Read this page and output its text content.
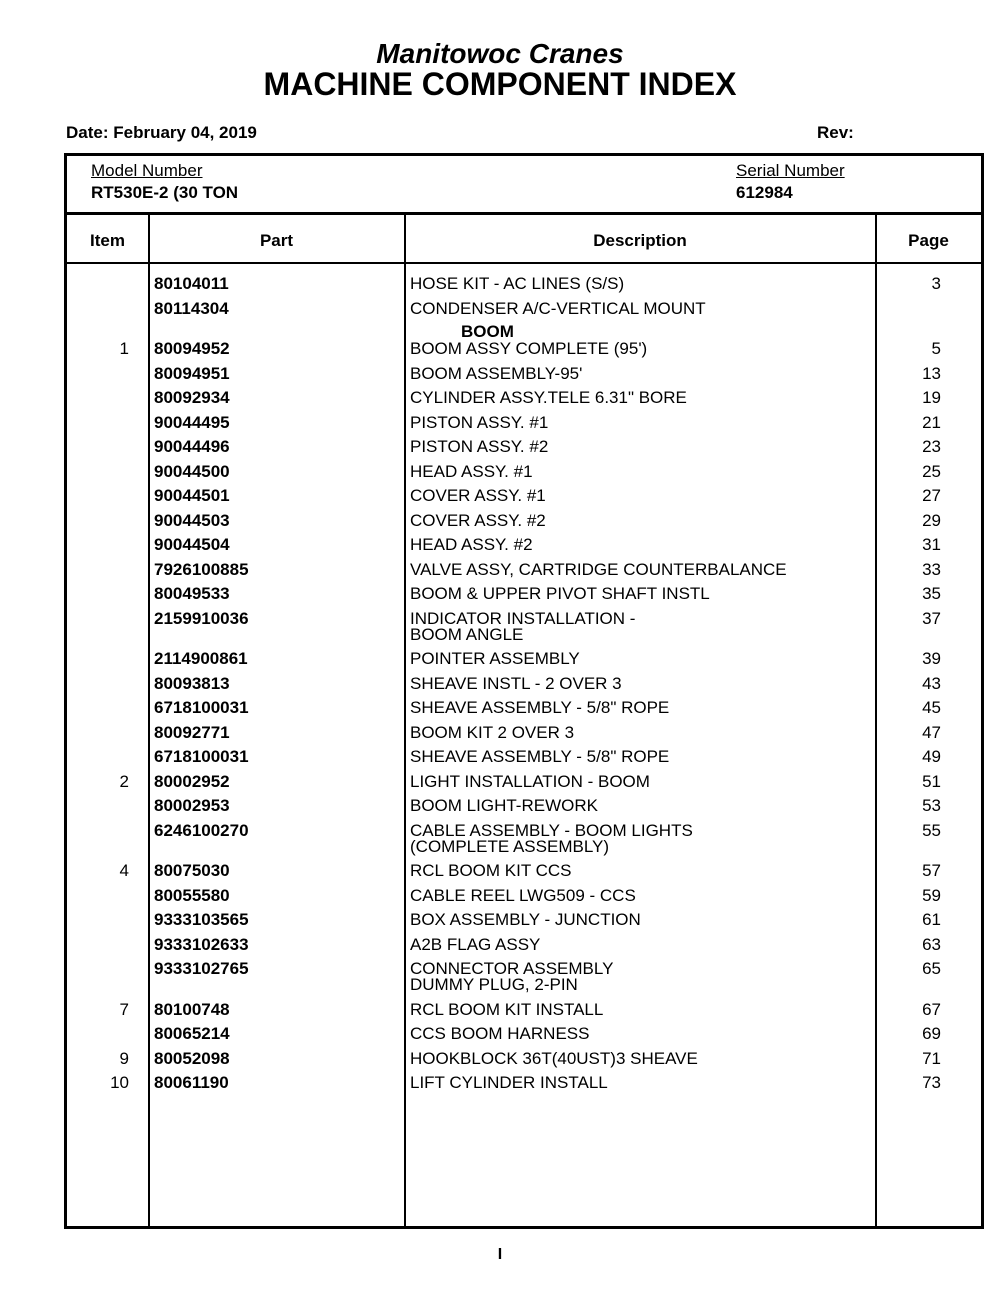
Manitowoc Cranes
MACHINE COMPONENT INDEX
Date: February 04, 2019	Rev:
Model Number
RT530E-2 (30 TON
Serial Number
612984
Item	Part	Description	Page
80104011	HOSE KIT - AC LINES (S/S)	3
80114304	CONDENSER A/C-VERTICAL MOUNT
BOOM
1 80094952	BOOM ASSY COMPLETE (95')	5
80094951	BOOM ASSEMBLY-95'	13
80092934	CYLINDER ASSY.TELE 6.31" BORE	19
90044495	PISTON ASSY. #1	21
90044496	PISTON ASSY. #2	23
90044500	HEAD ASSY. #1	25
90044501	COVER ASSY. #1	27
90044503	COVER ASSY. #2	29
90044504	HEAD ASSY. #2	31
7926100885	VALVE ASSY, CARTRIDGE COUNTERBALANCE	33
80049533	BOOM & UPPER PIVOT SHAFT INSTL	35
2159910036	INDICATOR INSTALLATION -	37
BOOM ANGLE
2114900861	POINTER ASSEMBLY	39
80093813	SHEAVE INSTL - 2 OVER 3	43
6718100031	SHEAVE ASSEMBLY - 5/8" ROPE	45
80092771	BOOM KIT 2 OVER 3	47
6718100031	SHEAVE ASSEMBLY - 5/8" ROPE	49
2 80002952	LIGHT INSTALLATION - BOOM	51
80002953	BOOM LIGHT-REWORK	53
6246100270	CABLE ASSEMBLY - BOOM LIGHTS	55
(COMPLETE ASSEMBLY)
4 80075030	RCL BOOM KIT CCS	57
80055580	CABLE REEL LWG509 - CCS	59
9333103565	BOX ASSEMBLY - JUNCTION	61
9333102633	A2B FLAG ASSY	63
9333102765	CONNECTOR ASSEMBLY	65
DUMMY PLUG, 2-PIN
7 80100748	RCL BOOM KIT INSTALL	67
80065214	CCS BOOM HARNESS	69
9 80052098	HOOKBLOCK 36T(40UST)3 SHEAVE	71
10 80061190	LIFT CYLINDER INSTALL	73
I
